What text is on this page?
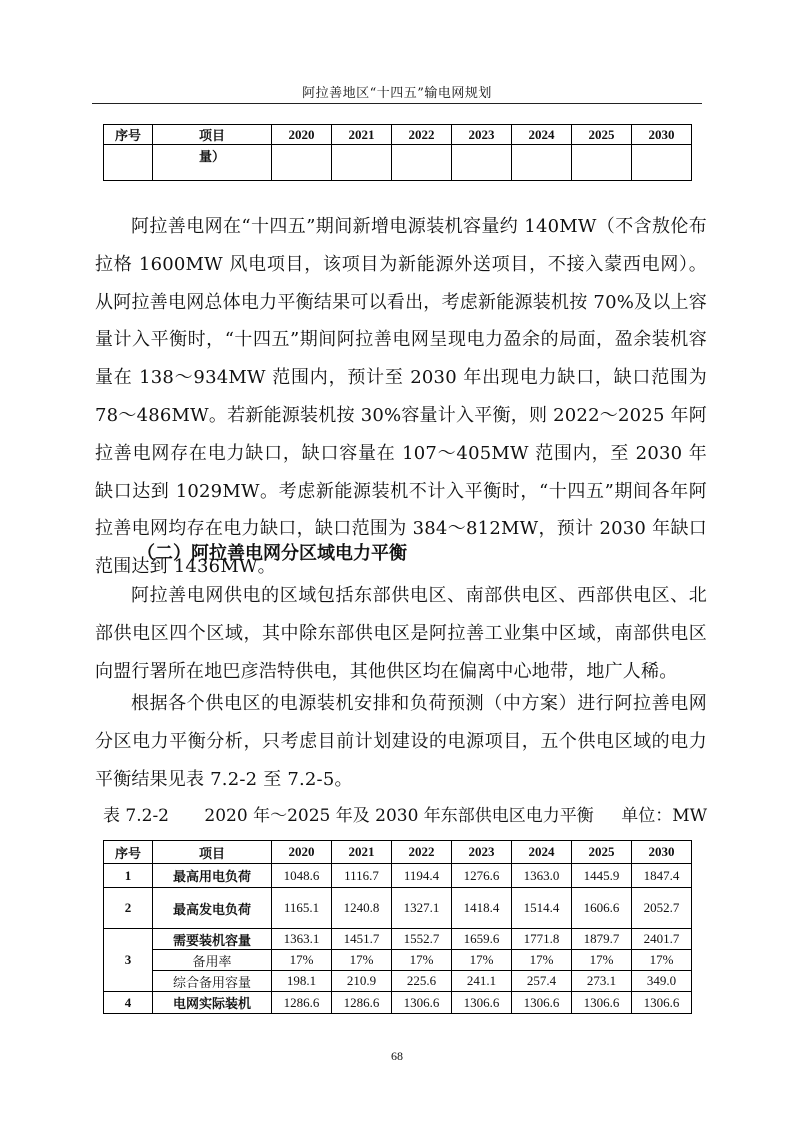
阿拉善地区“十四五”输电网规划
序号	项目	2020	2021	2022	2023	2024	2025	2030
	量）							

阿拉善电网在“十四五”期间新增电源装机容量约 140MW（不含敖伦布拉格 1600MW 风电项目，该项目为新能源外送项目，不接入蒙西电网）。从阿拉善电网总体电力平衡结果可以看出，考虑新能源装机按 70%及以上容量计入平衡时，“十四五”期间阿拉善电网呈现电力盈余的局面，盈余装机容量在 138～934MW 范围内，预计至 2030 年出现电力缺口，缺口范围为 78～486MW。若新能源装机按 30%容量计入平衡，则 2022～2025 年阿拉善电网存在电力缺口，缺口容量在 107～405MW 范围内，至 2030 年缺口达到 1029MW。考虑新能源装机不计入平衡时，“十四五”期间各年阿拉善电网均存在电力缺口，缺口范围为 384～812MW，预计 2030 年缺口范围达到 1436MW。

（二）阿拉善电网分区域电力平衡

阿拉善电网供电的区域包括东部供电区、南部供电区、西部供电区、北部供电区四个区域，其中除东部供电区是阿拉善工业集中区域，南部供电区向盟行署所在地巴彦浩特供电，其他供区均在偏离中心地带，地广人稀。

根据各个供电区的电源装机安排和负荷预测（中方案）进行阿拉善电网分区电力平衡分析，只考虑目前计划建设的电源项目，五个供电区域的电力平衡结果见表 7.2-2 至 7.2-5。

表 7.2-2 2020 年～2025 年及 2030 年东部供电区电力平衡 单位：MW
序号	项目	2020	2021	2022	2023	2024	2025	2030
1	最高用电负荷	1048.6	1116.7	1194.4	1276.6	1363.0	1445.9	1847.4
2	最高发电负荷	1165.1	1240.8	1327.1	1418.4	1514.4	1606.6	2052.7
3	需要装机容量	1363.1	1451.7	1552.7	1659.6	1771.8	1879.7	2401.7
	备用率	17%	17%	17%	17%	17%	17%	17%
	综合备用容量	198.1	210.9	225.6	241.1	257.4	273.1	349.0
4	电网实际装机	1286.6	1286.6	1306.6	1306.6	1306.6	1306.6	1306.6
68
